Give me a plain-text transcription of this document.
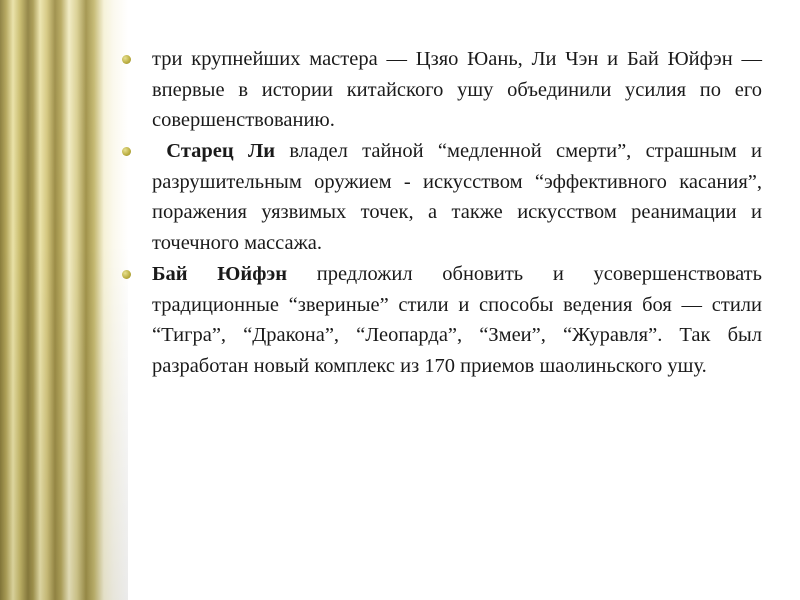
три крупнейших мастера — Цзяо Юань, Ли Чэн и Бай Юйфэн — впервые в истории китайского ушу объединили усилия по его совершенствованию.
Старец Ли владел тайной “медленной смерти”, страшным и разрушительным оружием - искусством “эффективного касания”, поражения уязвимых точек, а также искусством реанимации и точечного массажа.
Бай Юйфэн предложил обновить и усовершенствовать традиционные “звериные” стили и способы ведения боя — стили “Тигра”, “Дракона”, “Леопарда”, “Змеи”, “Журавля”. Так был разработан новый комплекс из 170 приемов шаолиньского ушу.
